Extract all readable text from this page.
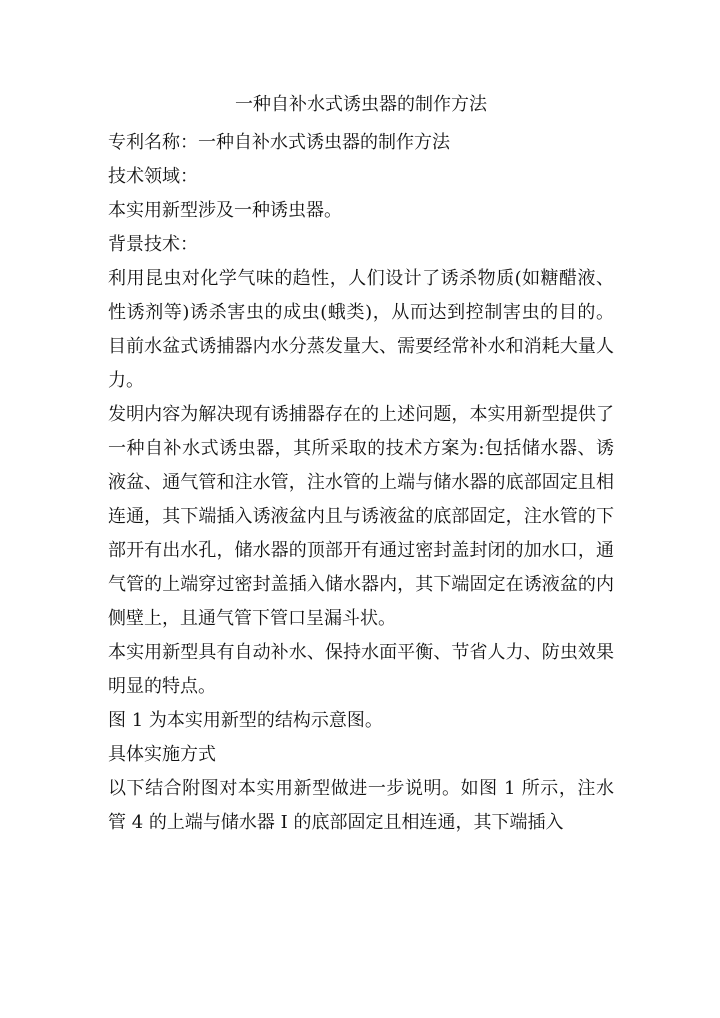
一种自补水式诱虫器的制作方法

专利名称：一种自补水式诱虫器的制作方法

技术领域：

本实用新型涉及一种诱虫器。

背景技术：

利用昆虫对化学气味的趋性，人们设计了诱杀物质(如糖醋液、性诱剂等)诱杀害虫的成虫(蛾类)，从而达到控制害虫的目的。目前水盆式诱捕器内水分蒸发量大、需要经常补水和消耗大量人力。

发明内容为解决现有诱捕器存在的上述问题，本实用新型提供了一种自补水式诱虫器，其所采取的技术方案为:包括储水器、诱液盆、通气管和注水管，注水管的上端与储水器的底部固定且相连通，其下端插入诱液盆内且与诱液盆的底部固定，注水管的下部开有出水孔，储水器的顶部开有通过密封盖封闭的加水口，通气管的上端穿过密封盖插入储水器内，其下端固定在诱液盆的内侧壁上，且通气管下管口呈漏斗状。

本实用新型具有自动补水、保持水面平衡、节省人力、防虫效果明显的特点。

图 1 为本实用新型的结构示意图。

具体实施方式

以下结合附图对本实用新型做进一步说明。如图 1 所示，注水管 4 的上端与储水器 I 的底部固定且相连通，其下端插入
